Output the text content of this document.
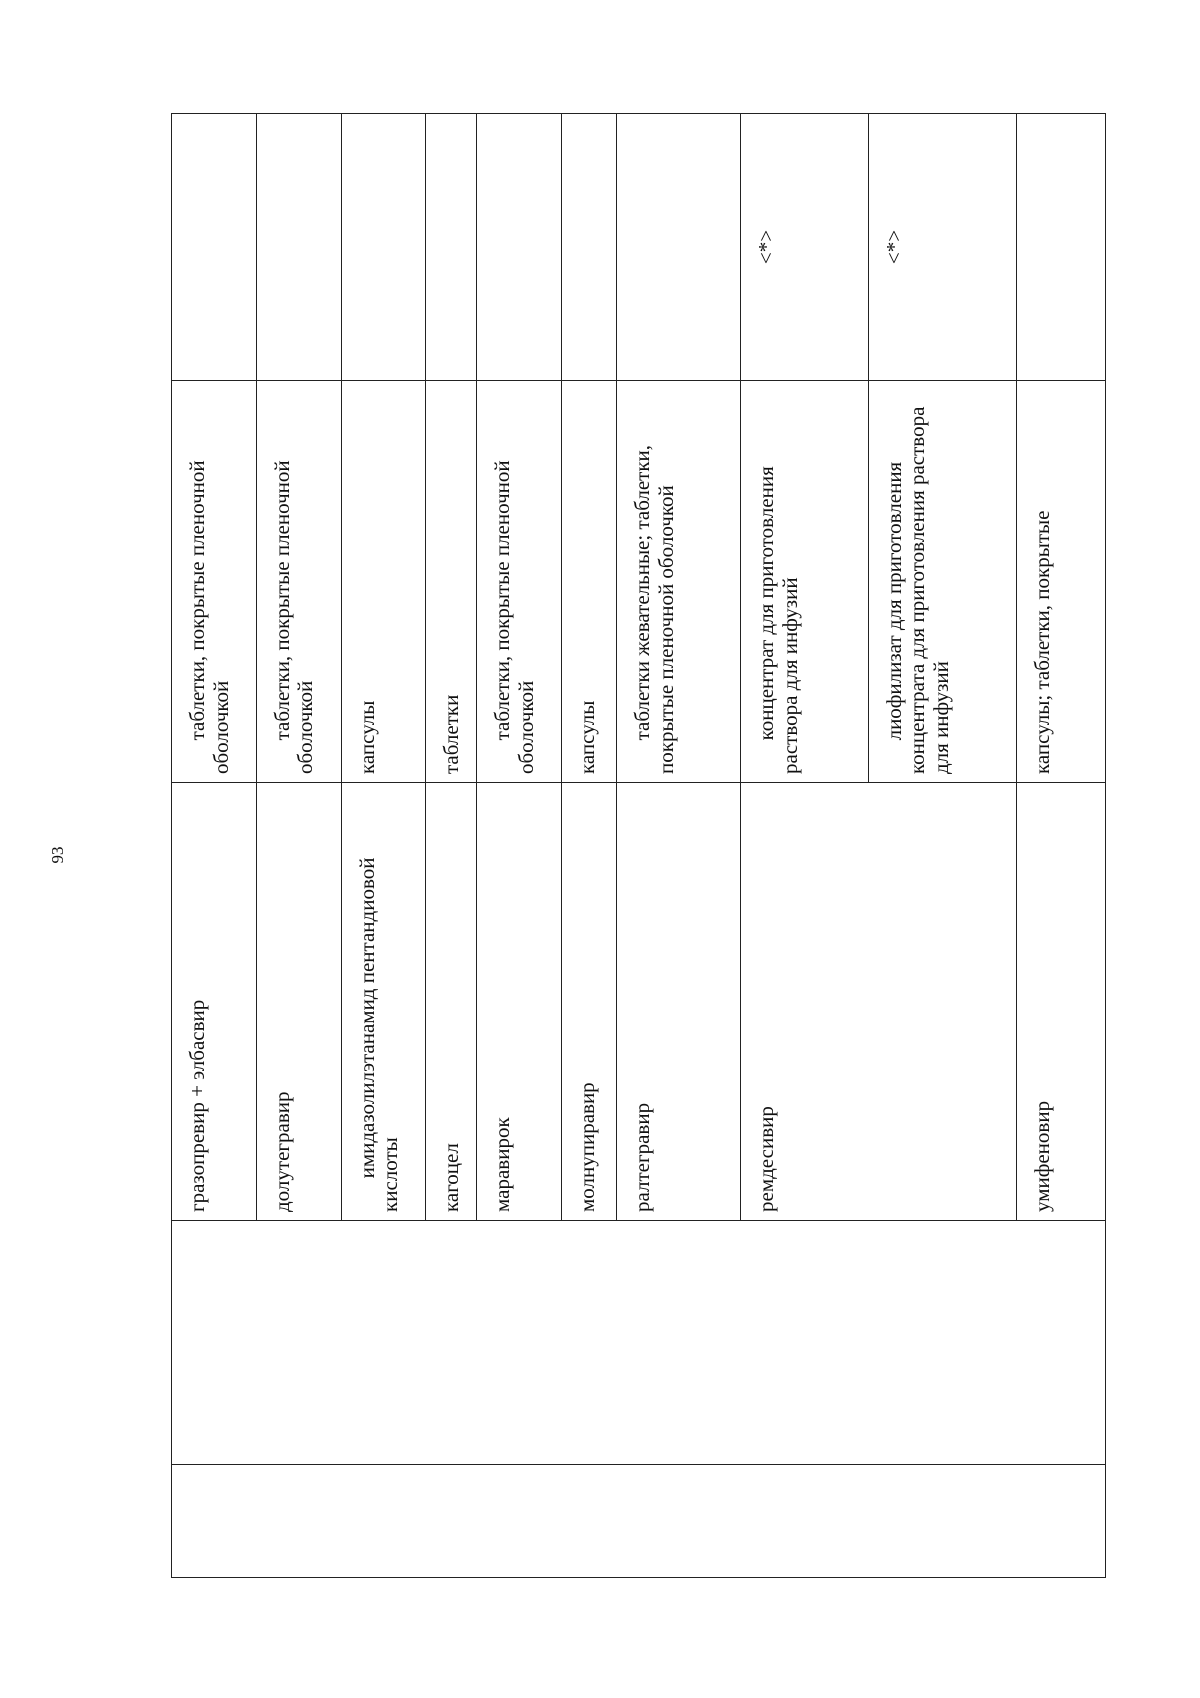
93
		гразопревир + элбасвир	таблетки, покрытые пленочной оболочкой	

		долутегравир	таблетки, покрытые пленочной оболочкой	

		имидазолилэтанамид пентандиовой кислоты	капсулы	
		кагоцел	таблетки	
		маравирок	таблетки, покрытые пленочной оболочкой	

		молнупиравир	капсулы	
		ралтегравир	таблетки жевательные; таблетки, покрытые пленочной оболочкой	

		ремдесивир	концентрат для приготовления раствора для инфузий	<*>

			лиофилизат для приготовления концентрата для приготовления раствора для инфузий	<*>
		умифеновир	капсулы; таблетки, покрытые	
